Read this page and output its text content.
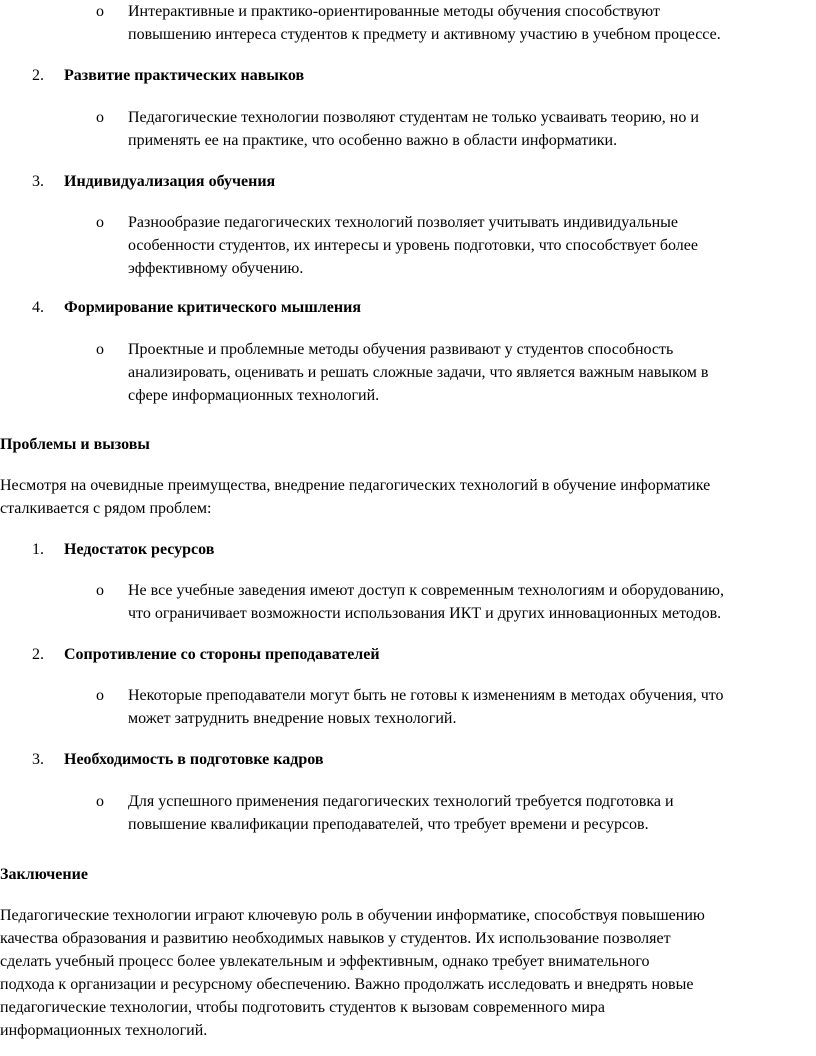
o	Интерактивные и практико-ориентированные методы обучения способствуют
повышению интереса студентов к предмету и активному участию в учебном процессе.
2. Развитие практических навыков
o	Педагогические технологии позволяют студентам не только усваивать теорию, но и
применять ее на практике, что особенно важно в области информатики.
3. Индивидуализация обучения
o	Разнообразие педагогических технологий позволяет учитывать индивидуальные
особенности студентов, их интересы и уровень подготовки, что способствует более
эффективному обучению.
4. Формирование критического мышления
o	Проектные и проблемные методы обучения развивают у студентов способность
анализировать, оценивать и решать сложные задачи, что является важным навыком в
сфере информационных технологий.
Проблемы и вызовы
Несмотря на очевидные преимущества, внедрение педагогических технологий в обучение информатике
сталкивается с рядом проблем:
1. Недостаток ресурсов
o	Не все учебные заведения имеют доступ к современным технологиям и оборудованию,
что ограничивает возможности использования ИКТ и других инновационных методов.
2. Сопротивление со стороны преподавателей
o	Некоторые преподаватели могут быть не готовы к изменениям в методах обучения, что
может затруднить внедрение новых технологий.
3. Необходимость в подготовке кадров
o	Для успешного применения педагогических технологий требуется подготовка и
повышение квалификации преподавателей, что требует времени и ресурсов.
Заключение
Педагогические технологии играют ключевую роль в обучении информатике, способствуя повышению
качества образования и развитию необходимых навыков у студентов. Их использование позволяет
сделать учебный процесс более увлекательным и эффективным, однако требует внимательного
подхода к организации и ресурсному обеспечению. Важно продолжать исследовать и внедрять новые
педагогические технологии, чтобы подготовить студентов к вызовам современного мира
информационных технологий.
